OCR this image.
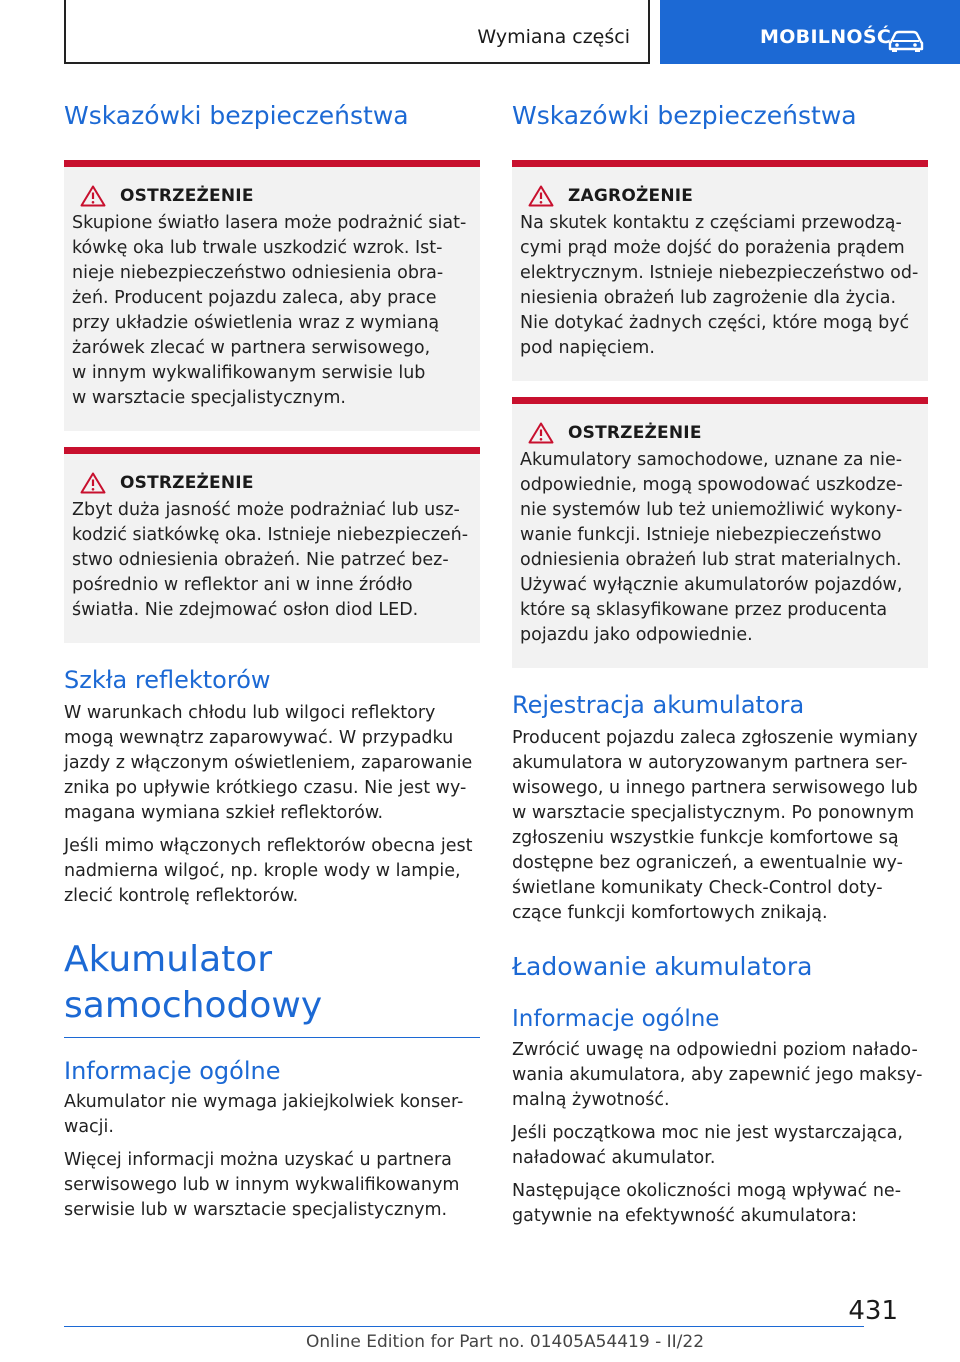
Wymiana części	MOBILNOŚĆ
Wskazówki bezpieczeństwa
OSTRZEŻENIE
Skupione światło lasera może podrażnić siat-
kówkę oka lub trwale uszkodzić wzrok. Ist-
nieje niebezpieczeństwo odniesienia obra-
żeń. Producent pojazdu zaleca, aby prace
przy układzie oświetlenia wraz z wymianą
żarówek zlecać w partnera serwisowego,
w innym wykwalifikowanym serwisie lub
w warsztacie specjalistycznym.
OSTRZEŻENIE
Zbyt duża jasność może podrażniać lub usz-
kodzić siatkówkę oka. Istnieje niebezpieczeń-
stwo odniesienia obrażeń. Nie patrzeć bez-
pośrednio w reflektor ani w inne źródło
światła. Nie zdejmować osłon diod LED.
Szkła reflektorów
W warunkach chłodu lub wilgoci reflektory
mogą wewnątrz zaparowywać. W przypadku
jazdy z włączonym oświetleniem, zaparowanie
znika po upływie krótkiego czasu. Nie jest wy-
magana wymiana szkieł reflektorów.
Jeśli mimo włączonych reflektorów obecna jest
nadmierna wilgoć, np. krople wody w lampie,
zlecić kontrolę reflektorów.
Akumulator samochodowy
Informacje ogólne
Akumulator nie wymaga jakiejkolwiek konser-
wacji.
Więcej informacji można uzyskać u partnera
serwisowego lub w innym wykwalifikowanym
serwisie lub w warsztacie specjalistycznym.
Wskazówki bezpieczeństwa
ZAGROŻENIE
Na skutek kontaktu z częściami przewodzą-
cymi prąd może dojść do porażenia prądem
elektrycznym. Istnieje niebezpieczeństwo od-
niesienia obrażeń lub zagrożenie dla życia.
Nie dotykać żadnych części, które mogą być
pod napięciem.
OSTRZEŻENIE
Akumulatory samochodowe, uznane za nie-
odpowiednie, mogą spowodować uszkodze-
nie systemów lub też uniemożliwić wykony-
wanie funkcji. Istnieje niebezpieczeństwo
odniesienia obrażeń lub strat materialnych.
Używać wyłącznie akumulatorów pojazdów,
które są sklasyfikowane przez producenta
pojazdu jako odpowiednie.
Rejestracja akumulatora
Producent pojazdu zaleca zgłoszenie wymiany
akumulatora w autoryzowanym partnera ser-
wisowego, u innego partnera serwisowego lub
w warsztacie specjalistycznym. Po ponownym
zgłoszeniu wszystkie funkcje komfortowe są
dostępne bez ograniczeń, a ewentualnie wy-
świetlane komunikaty Check-Control doty-
czące funkcji komfortowych znikają.
Ładowanie akumulatora
Informacje ogólne
Zwrócić uwagę na odpowiedni poziom nałado-
wania akumulatora, aby zapewnić jego maksy-
malną żywotność.
Jeśli początkowa moc nie jest wystarczająca,
naładować akumulator.
Następujące okoliczności mogą wpływać ne-
gatywnie na efektywność akumulatora:
431
Online Edition for Part no. 01405A54419 - II/22
